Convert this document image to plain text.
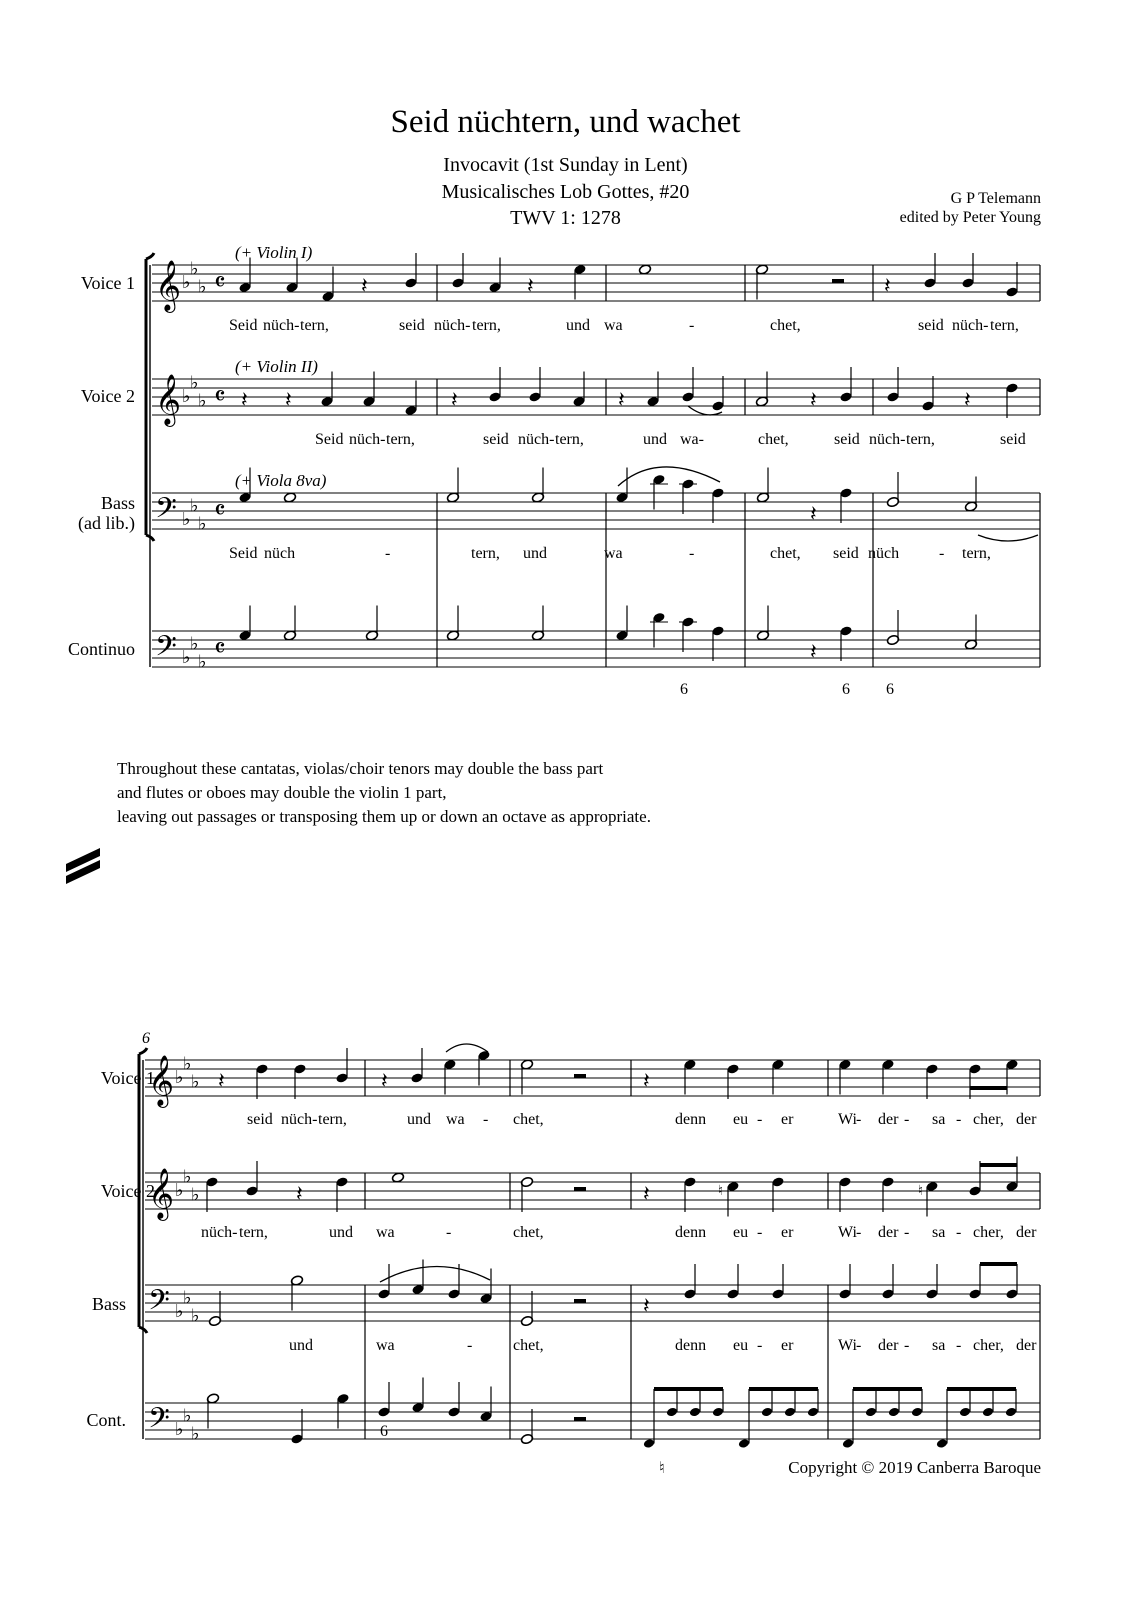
Seid nüchtern, und wachet
Invocavit (1st Sunday in Lent)
Musicalisches Lob Gottes, #20
TWV 1: 1278
G P Telemann
edited by Peter Young
𝄞 ♭
♭
♭
𝄞 ♭
♭
♭
𝄢 ♭
♭
♭
𝄢 ♭
♭
♭
𝄴
𝄴
𝄴
𝄴
𝄽	𝄽	𝄽
𝄽 𝄽	𝄽	𝄽	𝄽	𝄽
𝄽
𝄽
𝄞 ♭
♭
♭
𝄞 ♭
♭
♭
𝄢 ♭
♭
♭
𝄢 ♭
♭
♭
𝄽	𝄽	𝄽
𝄽	𝄽	♮	♮
𝄽
Voice 1
Voice 2
Bass
(ad lib.)
Continuo
(+ Violin I)
(+ Violin II)
(+ Viola 8va)
Seid nüch- tern,	seid nüch- tern,	und wa	-	chet,	seid nüch- tern,
Seid nüch- tern,	seid nüch- tern,	und wa-	chet,	seid nüch- tern,	seid
Seid nüch	-	tern, und	wa	-	chet, seid nüch - tern,
6	6 6
Throughout these cantatas, violas/choir tenors may double the bass part
and flutes or oboes may double the violin 1 part,
leaving out passages or transposing them up or down an octave as appropriate.
6
Voice 1
Voice 2
Bass
Cont.
seid nüch- tern,	und wa - chet,	denn eu - er	Wi - der - sa - cher, der
nüch- tern,	und wa	-	chet,	denn eu - er	Wi - der - sa - cher, der
und	wa	-	chet,	denn eu - er	Wi - der - sa - cher, der
6
♮	Copyright © 2019 Canberra Baroque
